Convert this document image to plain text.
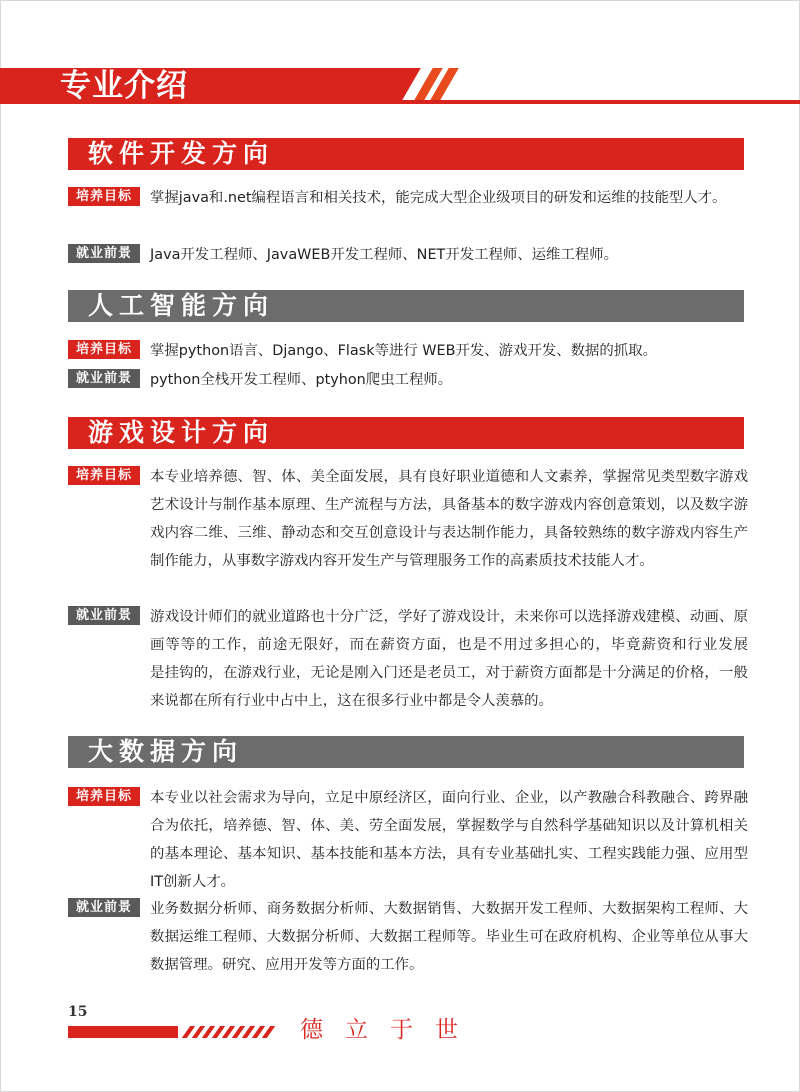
专业介绍
软件开发方向
培养目标	掌握java和.net编程语言和相关技术，能完成大型企业级项目的研发和运维的技能型人才。
就业前景	Java开发工程师、JavaWEB开发工程师、NET开发工程师、运维工程师。
人工智能方向
培养目标	掌握python语言、Django、Flask等进行 WEB开发、游戏开发、数据的抓取。
就业前景	python全栈开发工程师、ptyhon爬虫工程师。
游戏设计方向
培养目标	本专业培养德、智、体、美全面发展，具有良好职业道德和人文素养，掌握常见类型数字游戏艺术设计与制作基本原理、生产流程与方法，具备基本的数字游戏内容创意策划，以及数字游戏内容二维、三维、静动态和交互创意设计与表达制作能力，具备较熟练的数字游戏内容生产制作能力，从事数字游戏内容开发生产与管理服务工作的高素质技术技能人才。
就业前景	游戏设计师们的就业道路也十分广泛，学好了游戏设计，未来你可以选择游戏建模、动画、原画等等的工作，前途无限好，而在薪资方面，也是不用过多担心的，毕竟薪资和行业发展　　　是挂钩的，在游戏行业，无论是刚入门还是老员工，对于薪资方面都是十分满足的价格，一般来说都在所有行业中占中上，这在很多行业中都是令人羡慕的。
大数据方向
培养目标	本专业以社会需求为导向，立足中原经济区，面向行业、企业，以产教融合科教融合、跨界融合为依托，培养德、智、体、美、劳全面发展，掌握数学与自然科学基础知识以及计算机相关的基本理论、基本知识、基本技能和基本方法，具有专业基础扎实、工程实践能力强、应用型IT创新人才。
就业前景	业务数据分析师、商务数据分析师、大数据销售、大数据开发工程师、大数据架构工程师、大数据运维工程师、大数据分析师、大数据工程师等。毕业生可在政府机构、企业等单位从事大数据管理。研究、应用开发等方面的工作。
15
德立于世
